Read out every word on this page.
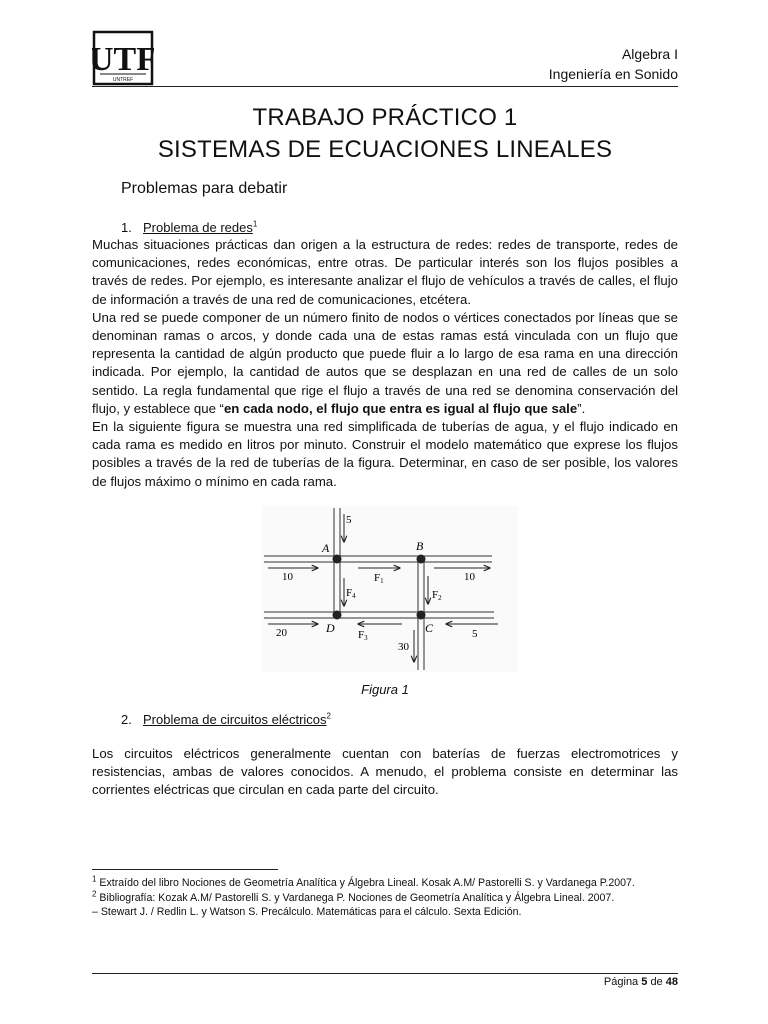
UTF
UNTREF
Algebra I
Ingeniería en Sonido
TRABAJO PRÁCTICO 1
SISTEMAS DE ECUACIONES LINEALES
Problemas para debatir
1. Problema de redes$^1$

Muchas situaciones prácticas dan origen a la estructura de redes: redes de transporte, redes de comunicaciones, redes económicas, entre otras. De particular interés son los flujos posibles a través de redes. Por ejemplo, es interesante analizar el flujo de vehículos a través de calles, el flujo de información a través de una red de comunicaciones, etcétera.

Una red se puede componer de un número finito de nodos o vértices conectados por líneas que se denominan ramas o arcos, y donde cada una de estas ramas está vinculada con un flujo que representa la cantidad de algún producto que puede fluir a lo largo de esa rama en una dirección indicada. Por ejemplo, la cantidad de autos que se desplazan en una red de calles de un solo sentido. La regla fundamental que rige el flujo a través de una red se denomina conservación del flujo, y establece que “en cada nodo, el flujo que entra es igual al flujo que sale”.

En la siguiente figura se muestra una red simplificada de tuberías de agua, y el flujo indicado en cada rama es medido en litros por minuto. Construir el modelo matemático que exprese los flujos posibles a través de la red de tuberías de la figura. Determinar, en caso de ser posible, los valores de flujos máximo o mínimo en cada rama.

A	B
C
D
5
10	10
F1
F2
F4
F3
20	5
30
Figura 1
2. Problema de circuitos eléctricos$^2$

Los circuitos eléctricos generalmente cuentan con baterías de fuerzas electromotrices y resistencias, ambas de valores conocidos. A menudo, el problema consiste en determinar las corrientes eléctricas que circulan en cada parte del circuito.

$^1$ Extraído del libro Nociones de Geometría Analítica y Álgebra Lineal. Kosak A.M/ Pastorelli S. y Vardanega P.2007.

$^2$ Bibliografía: Kozak A.M/ Pastorelli S. y Vardanega P. Nociones de Geometría Analítica y Álgebra Lineal. 2007.

– Stewart J. / Redlin L. y Watson S. Precálculo. Matemáticas para el cálculo. Sexta Edición.

Página 5 de 48
